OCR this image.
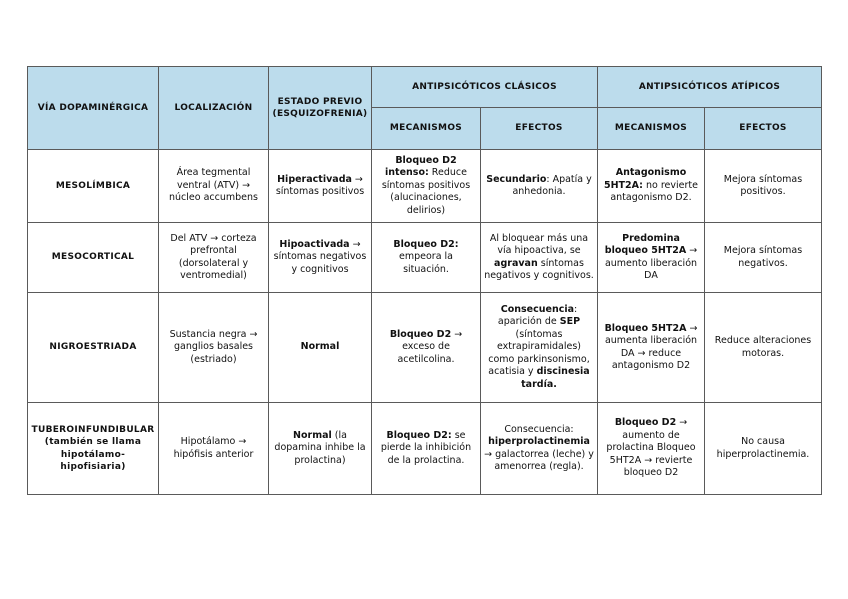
VÍA DOPAMINÉRGICA	LOCALIZACIÓN	ESTADO PREVIO (ESQUIZOFRENIA)	ANTIPSICÓTICOS CLÁSICOS		ANTIPSICÓTICOS ATÍPICOS	
			MECANISMOS	EFECTOS	MECANISMOS	EFECTOS
MESOLÍMBICA	Área tegmental ventral (ATV) → núcleo accumbens	Hiperactivada → síntomas positivos	Bloqueo D2 intenso: Reduce síntomas positivos (alucinaciones, delirios)	Secundario: Apatía y anhedonia.	Antagonismo 5HT2A: no revierte antagonismo D2.	Mejora síntomas positivos.
MESOCORTICAL	Del ATV → corteza prefrontal (dorsolateral y ventromedial)	Hipoactivada → síntomas negativos y cognitivos	Bloqueo D2: empeora la situación.	Al bloquear más una vía hipoactiva, se agravan síntomas negativos y cognitivos.	Predomina bloqueo 5HT2A → aumento liberación DA	Mejora síntomas negativos.
NIGROESTRIADA	Sustancia negra → ganglios basales (estriado)	Normal	Bloqueo D2 → exceso de acetilcolina.	Consecuencia: aparición de SEP (síntomas extrapiramidales) como parkinsonismo, acatisia y discinesia tardía.	Bloqueo 5HT2A → aumenta liberación DA → reduce antagonismo D2	Reduce alteraciones motoras.
TUBEROINFUNDIBULAR (también se llama hipotálamo-hipofisiaria)	Hipotálamo → hipófisis anterior	Normal (la dopamina inhibe la prolactina)	Bloqueo D2: se pierde la inhibición de la prolactina.	Consecuencia: hiperprolactinemia → galactorrea (leche) y amenorrea (regla).	Bloqueo D2 → aumento de prolactina Bloqueo 5HT2A → revierte bloqueo D2	No causa hiperprolactinemia.
